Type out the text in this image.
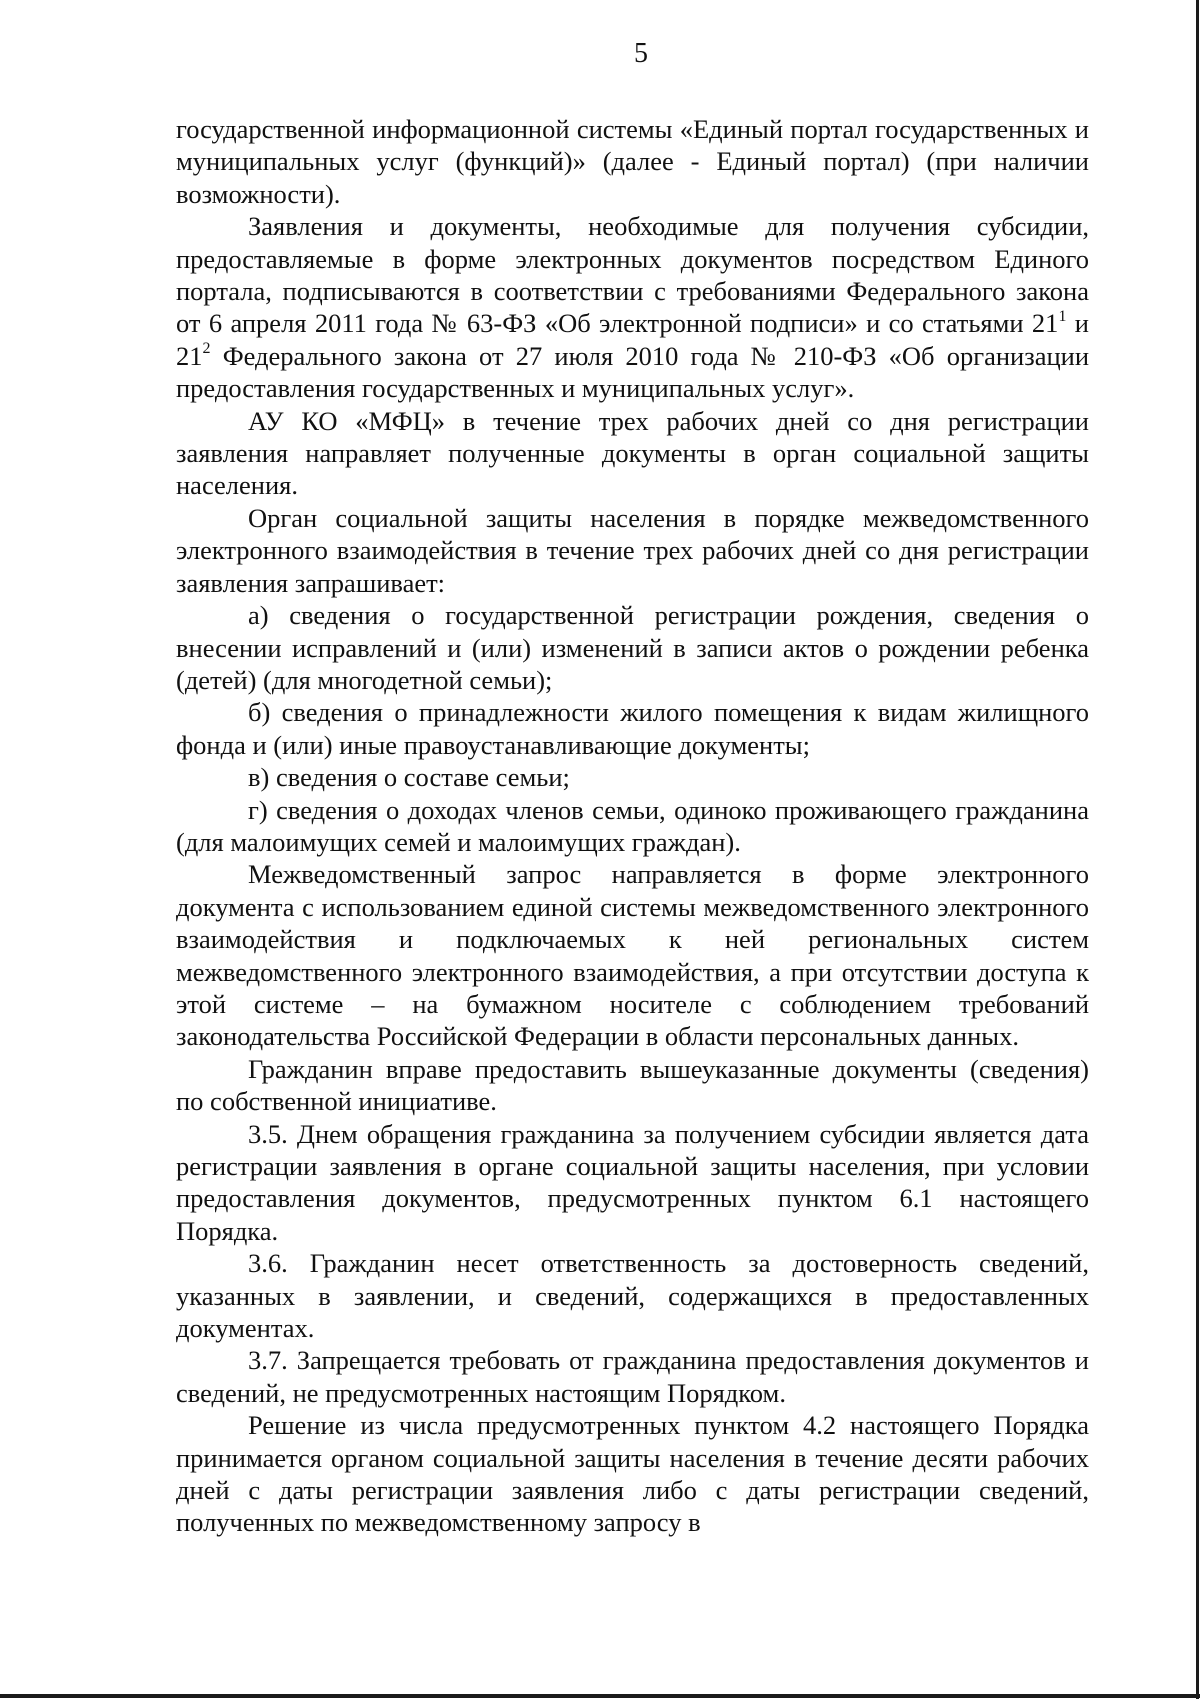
5

государственной информационной системы «Единый портал государственных и муниципальных услуг (функций)» (далее - Единый портал) (при наличии возможности).

Заявления и документы, необходимые для получения субсидии, предоставляемые в форме электронных документов посредством Единого портала, подписываются в соответствии с требованиями Федерального закона от 6 апреля 2011 года № 63-ФЗ «Об электронной подписи» и со статьями $21^1$ и $21^2$ Федерального закона от 27 июля 2010 года № 210-ФЗ «Об организации предоставления государственных и муниципальных услуг».

АУ КО «МФЦ» в течение трех рабочих дней со дня регистрации заявления направляет полученные документы в орган социальной защиты населения.

Орган социальной защиты населения в порядке межведомственного электронного взаимодействия в течение трех рабочих дней со дня регистрации заявления запрашивает:

а) сведения о государственной регистрации рождения, сведения о внесении исправлений и (или) изменений в записи актов о рождении ребенка (детей) (для многодетной семьи);

б) сведения о принадлежности жилого помещения к видам жилищного фонда и (или) иные правоустанавливающие документы;

в) сведения о составе семьи;

г) сведения о доходах членов семьи, одиноко проживающего гражданина (для малоимущих семей и малоимущих граждан).

Межведомственный запрос направляется в форме электронного документа с использованием единой системы межведомственного электронного взаимодействия и подключаемых к ней региональных систем межведомственного электронного взаимодействия, а при отсутствии доступа к этой системе – на бумажном носителе с соблюдением требований законодательства Российской Федерации в области персональных данных.

Гражданин вправе предоставить вышеуказанные документы (сведения) по собственной инициативе.

3.5. Днем обращения гражданина за получением субсидии является дата регистрации заявления в органе социальной защиты населения, при условии предоставления документов, предусмотренных пунктом 6.1 настоящего Порядка.

3.6. Гражданин несет ответственность за достоверность сведений, указанных в заявлении, и сведений, содержащихся в предоставленных документах.

3.7. Запрещается требовать от гражданина предоставления документов и сведений, не предусмотренных настоящим Порядком.

Решение из числа предусмотренных пунктом 4.2 настоящего Порядка принимается органом социальной защиты населения в течение десяти рабочих дней с даты регистрации заявления либо с даты регистрации сведений, полученных по межведомственному запросу в
